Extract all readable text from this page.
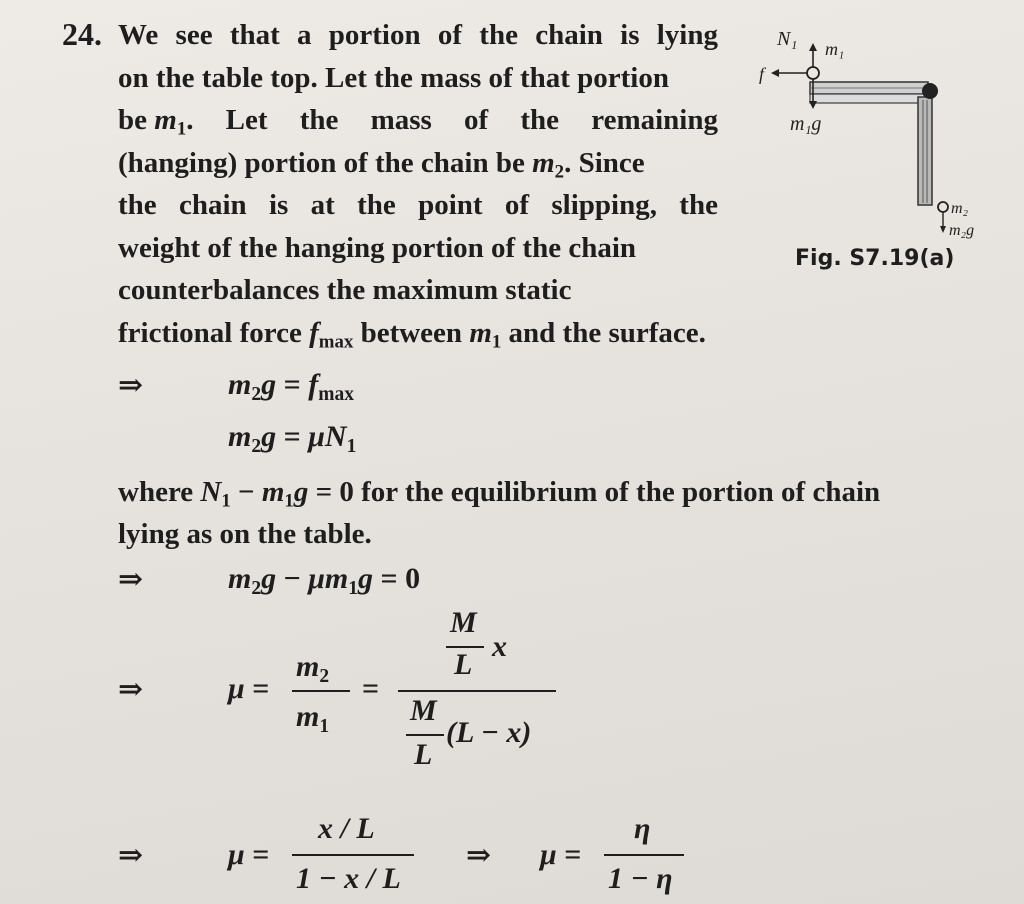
24. We see that a portion of the chain is lying
on the table top. Let the mass of that portion
be $m_1$. Let the mass of the remaining
(hanging) portion of the chain be $m_2$. Since
the chain is at the point of slipping, the
weight of the hanging portion of the chain
counterbalances the maximum static
frictional force $f_{max}$ between $m_1$ and the surface.
N₁ m₁
f
m₁g
m₂
m₂g
Fig. S7.19(a)
⇒	$m_2g = f_{max}$
$m_2g = \mu N_1$
where $N_1 - m_1g = 0$ for the equilibrium of the portion of chain
lying as on the table.
⇒	$m_2g - \mu m_1g = 0$
⇒	μ =
$m_2$
$m_1$
=
M
L
x
M
L
(L − x)
⇒	μ =
x / L
1 − x / L
⇒ μ =
η
1 − η
